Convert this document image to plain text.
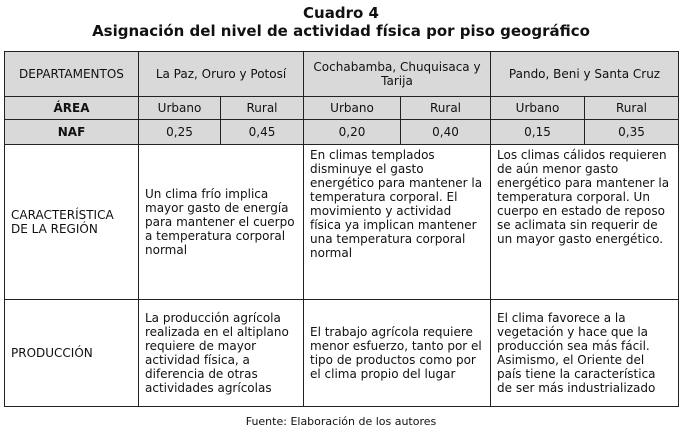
Cuadro 4
Asignación del nivel de actividad física por piso geográfico
DEPARTAMENTOS	La Paz, Oruro y Potosí		Cochabamba, Chuquisaca y Tarija		Pando, Beni y Santa Cruz	
ÁREA	Urbano	Rural	Urbano	Rural	Urbano	Rural
NAF	0,25	0,45	0,20	0,40	0,15	0,35
CARACTERÍSTICA DE LA REGIÓN	Un clima frío implica mayor gasto de energía para mantener el cuerpo a temperatura corporal normal		En climas templados disminuye el gasto energético para mantener la temperatura corporal. El movimiento y actividad física ya implican mantener una temperatura corporal normal		Los climas cálidos requieren de aún menor gasto energético para mantener la temperatura corporal. Un cuerpo en estado de reposo se aclimata sin requerir de un mayor gasto energético.	
PRODUCCIÓN	La producción agrícola realizada en el altiplano requiere de mayor actividad física, a diferencia de otras actividades agrícolas		El trabajo agrícola requiere menor esfuerzo, tanto por el tipo de productos como por el clima propio del lugar		El clima favorece a la vegetación y hace que la producción sea más fácil. Asimismo, el Oriente del país tiene la característica de ser más industrializado	
Fuente: Elaboración de los autores
